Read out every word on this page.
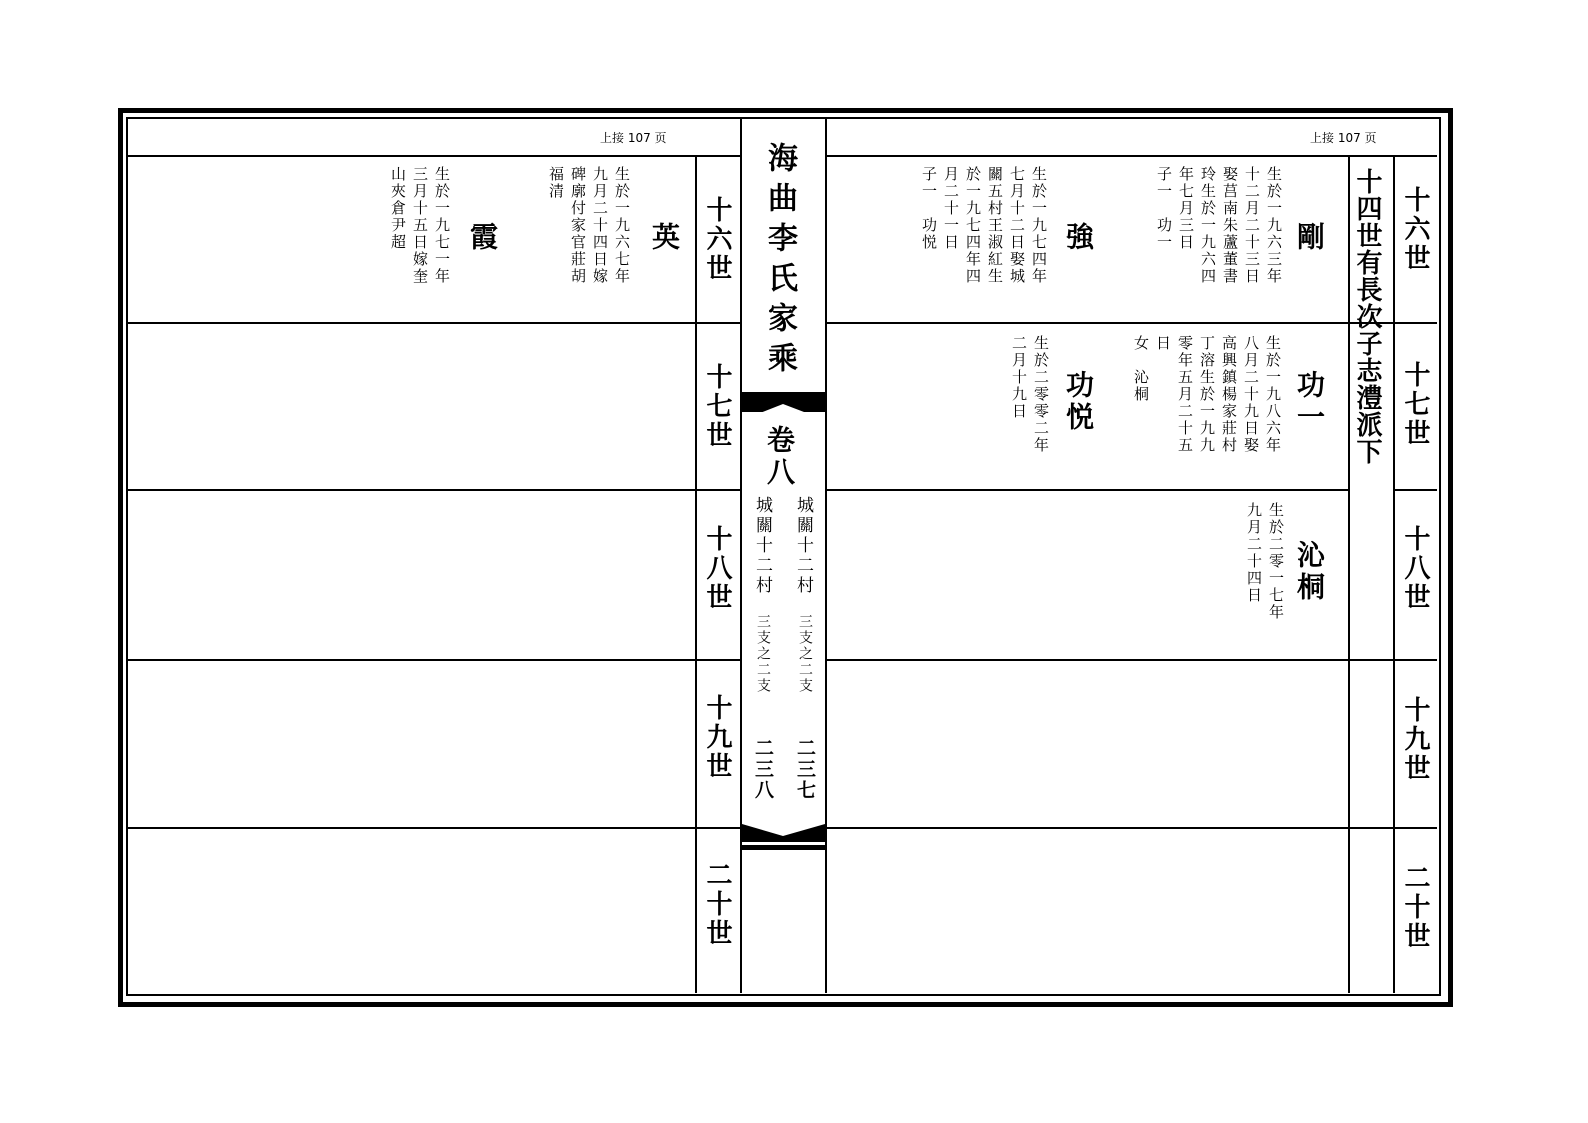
上接 107 页	上接 107 页
十六世
十七世
十八世
十九世
二十世
十六世
十七世
十八世
十九世
二十世
十四世有長次子志澧派下
海曲李氏家乘
卷八
城關十二村
城關十二村
三支之二支
三支之二支
二三七
二三八
剛
生於一九六三年
十二月二十三日
娶莒南朱蘆董書
玲生於一九六四
年七月三日
子一　功一
強
生於一九七四年
七月十二日娶城
關五村王淑紅生
於一九七四年四
月二十一日
子一　功悦
功一
生於一九八六年
八月二十九日娶
高興鎮楊家莊村
丁溶生於一九九
零年五月二十五
日
女　沁桐
功悦
生於二零零二年
二月十九日
沁桐
生於二零一七年
九月二十四日
英
生於一九六七年
九月二十四日嫁
碑廓付家官莊胡
福清
霞
生於一九七一年
三月十五日嫁奎
山夾倉尹超
